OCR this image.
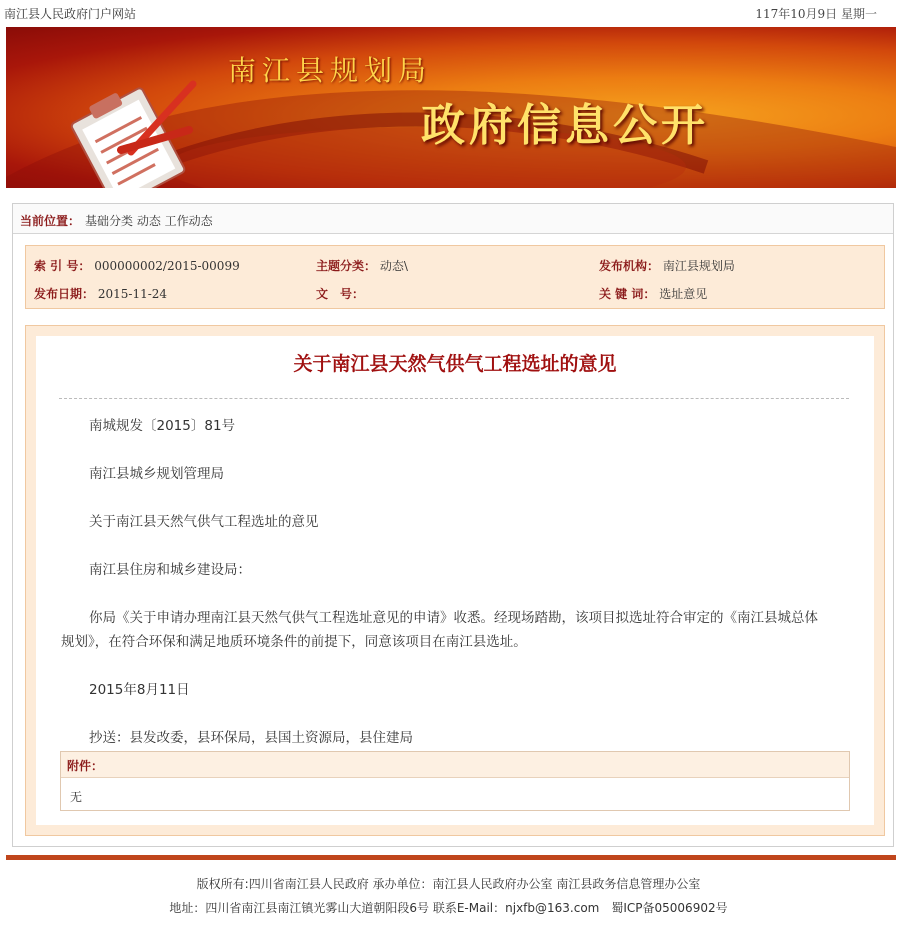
南江县人民政府门户网站	117年10月9日 星期一
南江县规划局
政府信息公开
当前位置： 基础分类 动态 工作动态
索 引 号： 000000002/2015-00099	主题分类： 动态\	发布机构： 南江县规划局
发布日期： 2015-11-24	文　号：	关 键 词： 选址意见
关于南江县天然气供气工程选址的意见
南城规发〔2015〕81号
南江县城乡规划管理局
关于南江县天然气供气工程选址的意见
南江县住房和城乡建设局：
你局《关于申请办理南江县天然气供气工程选址意见的申请》收悉。经现场踏勘，该项目拟选址符合审定的《南江县城总体
规划》，在符合环保和满足地质环境条件的前提下，同意该项目在南江县选址。
2015年8月11日
抄送：县发改委，县环保局，县国土资源局，县住建局
附件：
无
版权所有:四川省南江县人民政府 承办单位：南江县人民政府办公室 南江县政务信息管理办公室
地址：四川省南江县南江镇光雾山大道朝阳段6号 联系E-Mail：njxfb@163.com　蜀ICP备05006902号
